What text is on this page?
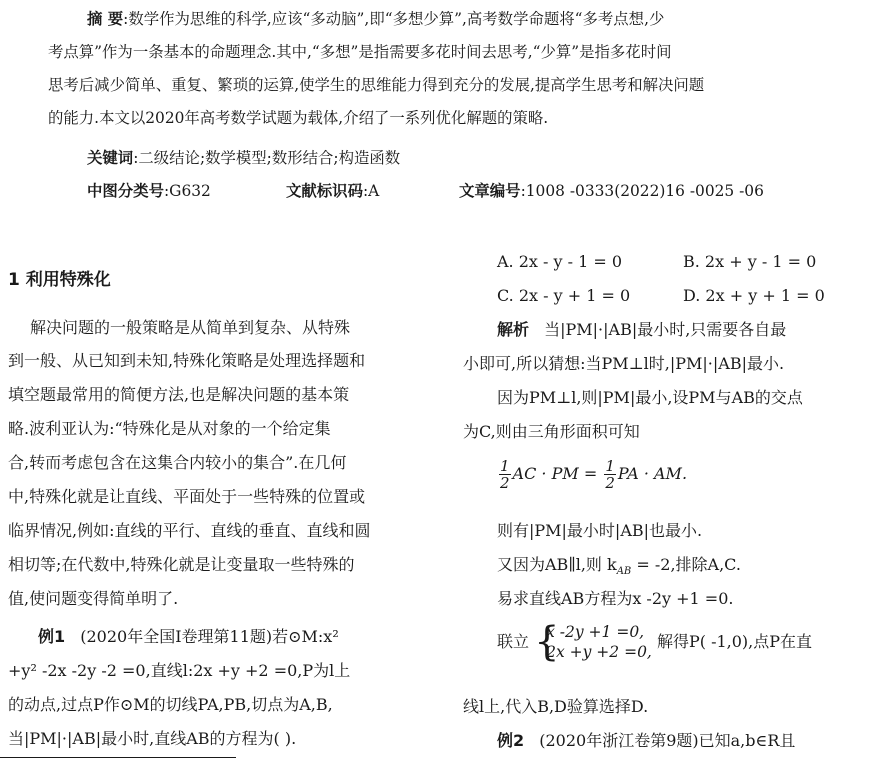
摘 要:数学作为思维的科学,应该“多动脑”,即“多想少算”,高考数学命题将“多考点想,少
考点算”作为一条基本的命题理念.其中,“多想”是指需要多花时间去思考,“少算”是指多花时间
思考后减少简单、重复、繁琐的运算,使学生的思维能力得到充分的发展,提高学生思考和解决问题
的能力.本文以2020年高考数学试题为载体,介绍了一系列优化解题的策略.
关键词:二级结论;数学模型;数形结合;构造函数
中图分类号:G632	文献标识码:A	文章编号:1008 -0333(2022)16 -0025 -06
1 利用特殊化
解决问题的一般策略是从简单到复杂、从特殊
到一般、从已知到未知,特殊化策略是处理选择题和
填空题最常用的简便方法,也是解决问题的基本策
略.波利亚认为:“特殊化是从对象的一个给定集
合,转而考虑包含在这集合内较小的集合”.在几何
中,特殊化就是让直线、平面处于一些特殊的位置或
临界情况,例如:直线的平行、直线的垂直、直线和圆
相切等;在代数中,特殊化就是让变量取一些特殊的
值,使问题变得简单明了.
例1 (2020年全国Ⅰ卷理第11题)若⊙M:x²
+y² -2x -2y -2 =0,直线l:2x +y +2 =0,P为l上
的动点,过点P作⊙M的切线PA,PB,切点为A,B,
当|PM|·|AB|最小时,直线AB的方程为( ).
A. 2x - y - 1 = 0	B. 2x + y - 1 = 0
C. 2x - y + 1 = 0	D. 2x + y + 1 = 0
解析 当|PM|·|AB|最小时,只需要各自最
小即可,所以猜想:当PM⊥l时,|PM|·|AB|最小.
因为PM⊥l,则|PM|最小,设PM与AB的交点
为C,则由三角形面积可知
$\frac{1}{2}$ AC · PM = $\frac{1}{2}$ PA · AM.
则有|PM|最小时|AB|也最小.
又因为AB∥l,则 $k_{AB} = -2$,排除A,C.
易求直线AB方程为x -2y +1 =0.
联立 {
x -2y +1 =0,
2x +y +2 =0,
解得P( -1,0),点P在直
线l上,代入B,D验算选择D.
例2 (2020年浙江卷第9题)已知a,b∈R且
